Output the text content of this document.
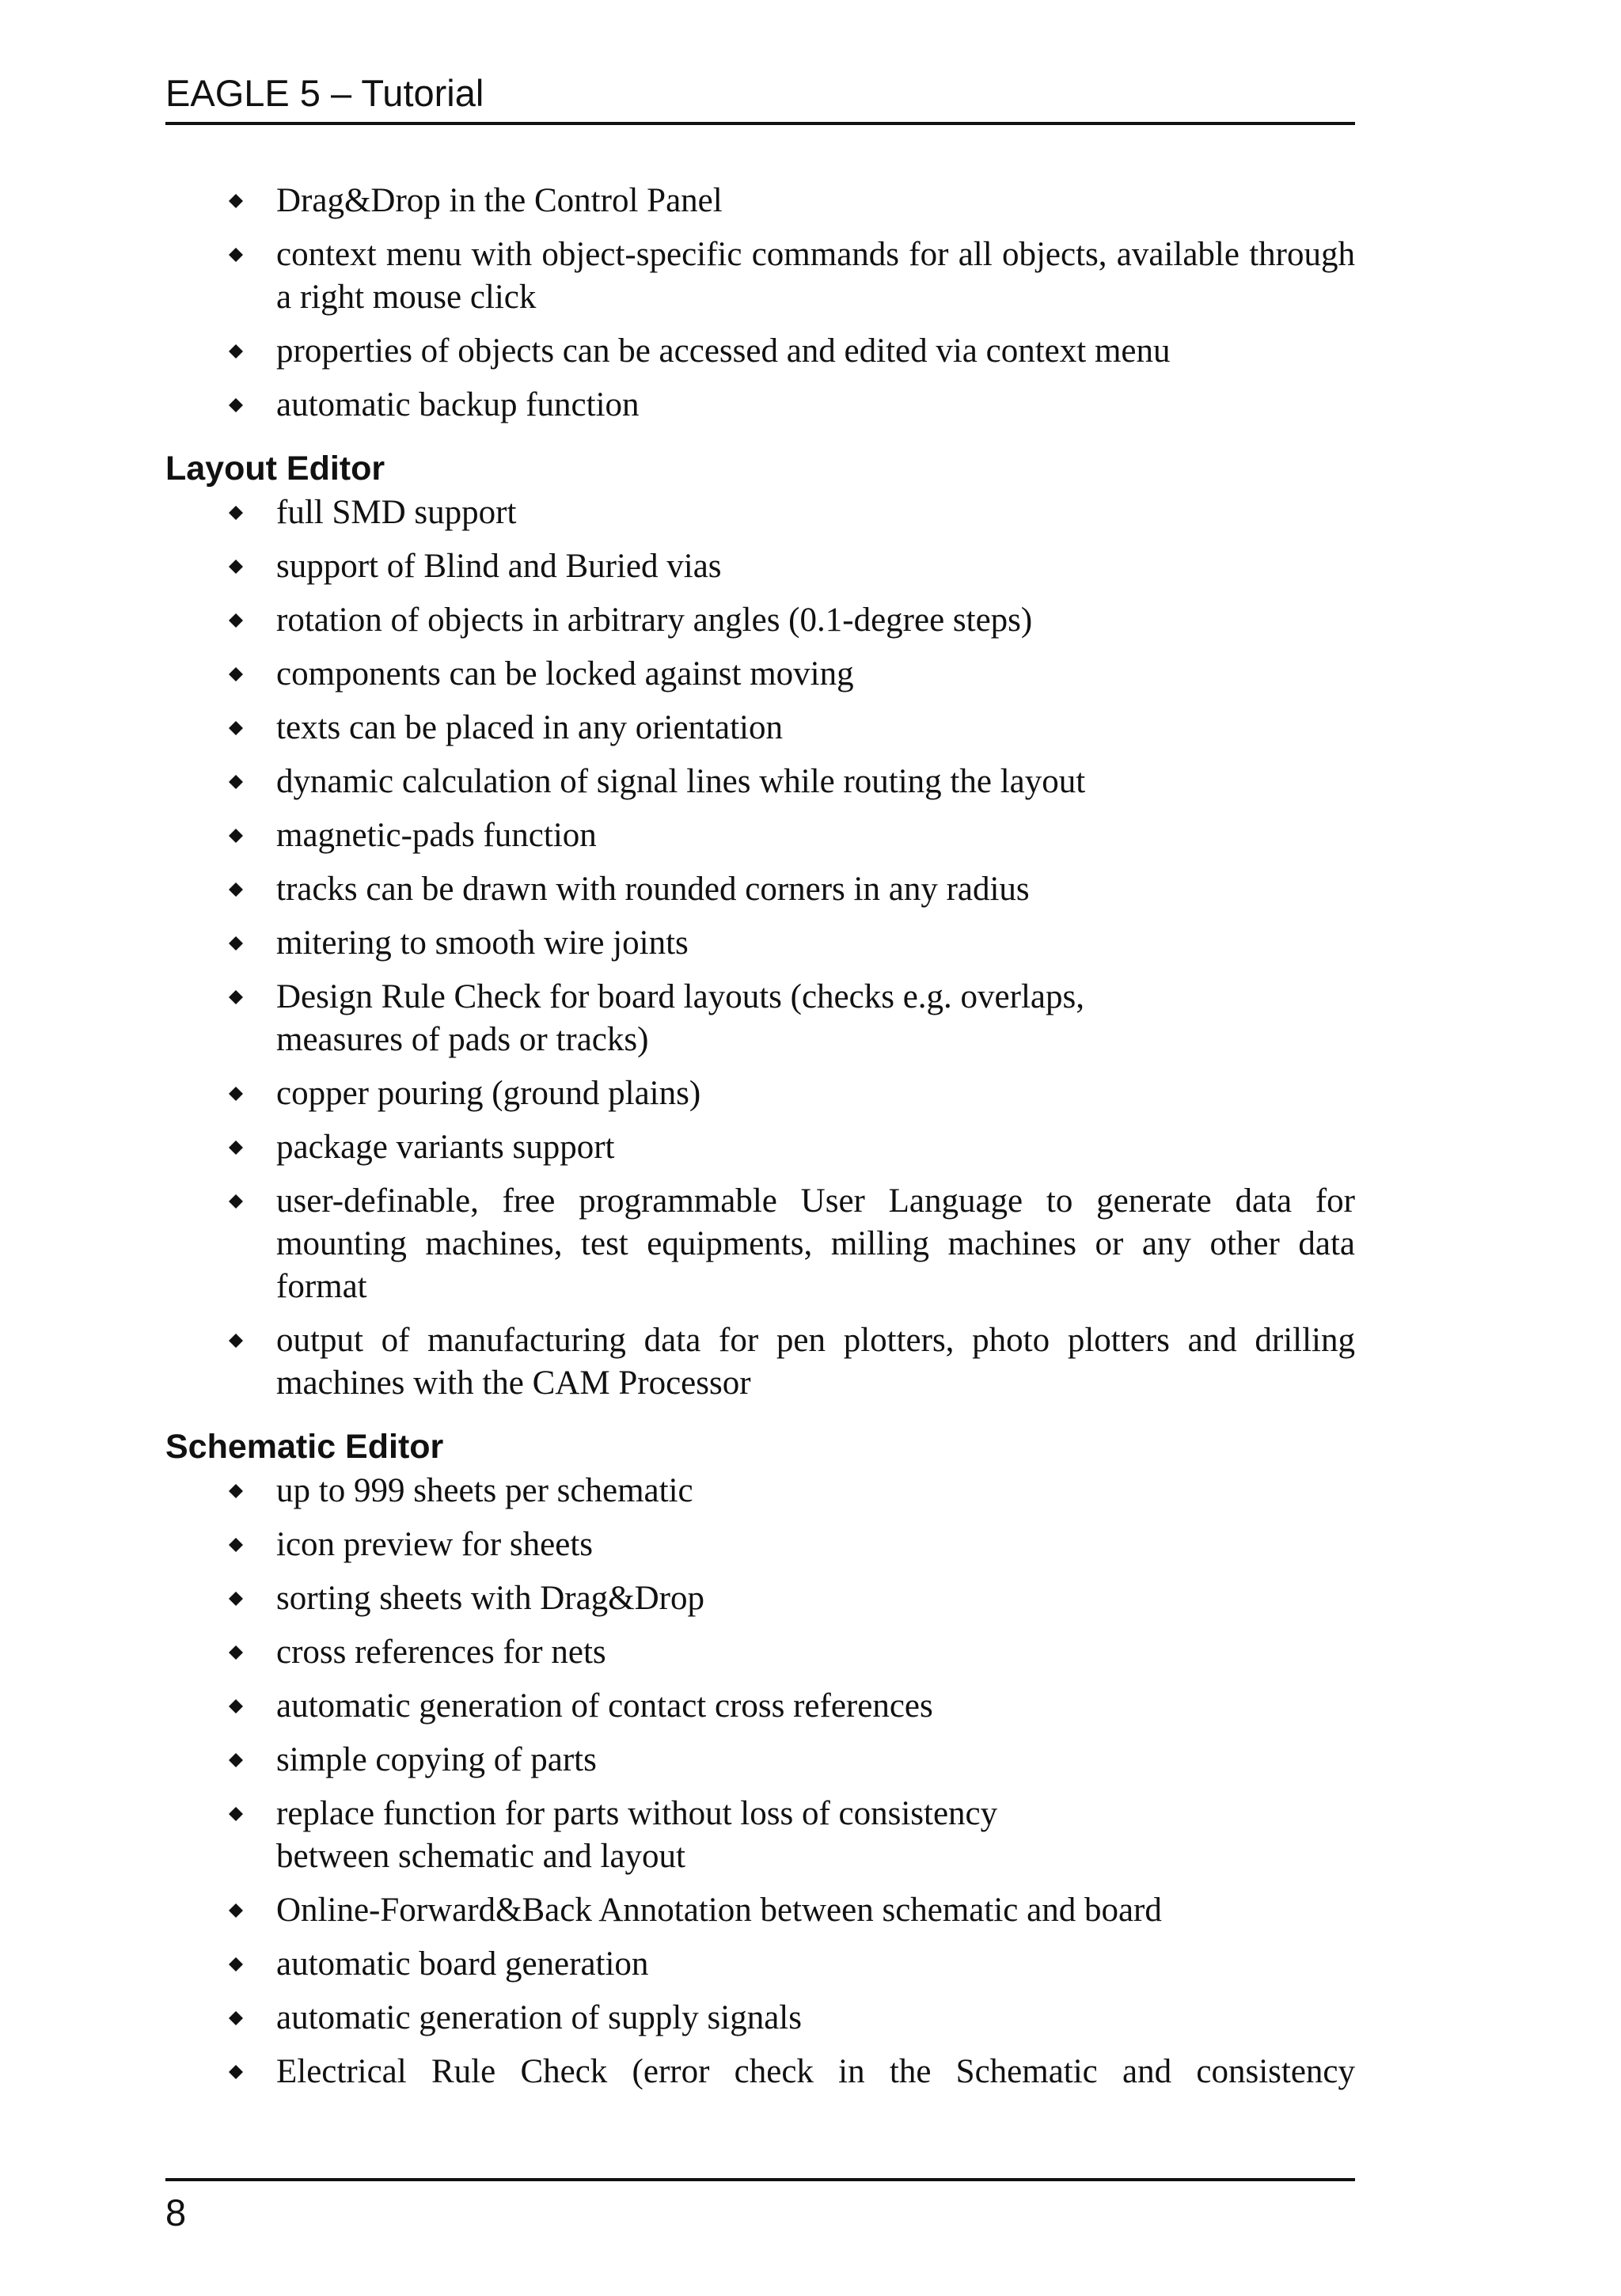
EAGLE 5 – Tutorial
Drag&Drop in the Control Panel
context menu with object-specific commands for all objects, available through a right mouse click
properties of objects can be accessed and edited via context menu
automatic backup function
Layout Editor
full SMD support
support of Blind and Buried vias
rotation of objects in arbitrary angles (0.1-degree steps)
components can be locked against moving
texts can be placed in any orientation
dynamic calculation of signal lines while routing the layout
magnetic-pads function
tracks can be drawn with rounded corners in any radius
mitering to smooth wire joints
Design Rule Check for board layouts (checks e.g. overlaps, measures of pads or tracks)
copper pouring (ground plains)
package variants support
user-definable, free programmable User Language to generate data for mounting machines, test equipments, milling machines or any other data format
output of manufacturing data for pen plotters, photo plotters and drilling machines with the CAM Processor
Schematic Editor
up to 999 sheets per schematic
icon preview for sheets
sorting sheets with Drag&Drop
cross references for nets
automatic generation of contact cross references
simple copying of parts
replace function for parts without loss of consistency between schematic and layout
Online-Forward&Back Annotation between schematic and board
automatic board generation
automatic generation of supply signals
Electrical Rule Check (error check in the Schematic and consistency
8
